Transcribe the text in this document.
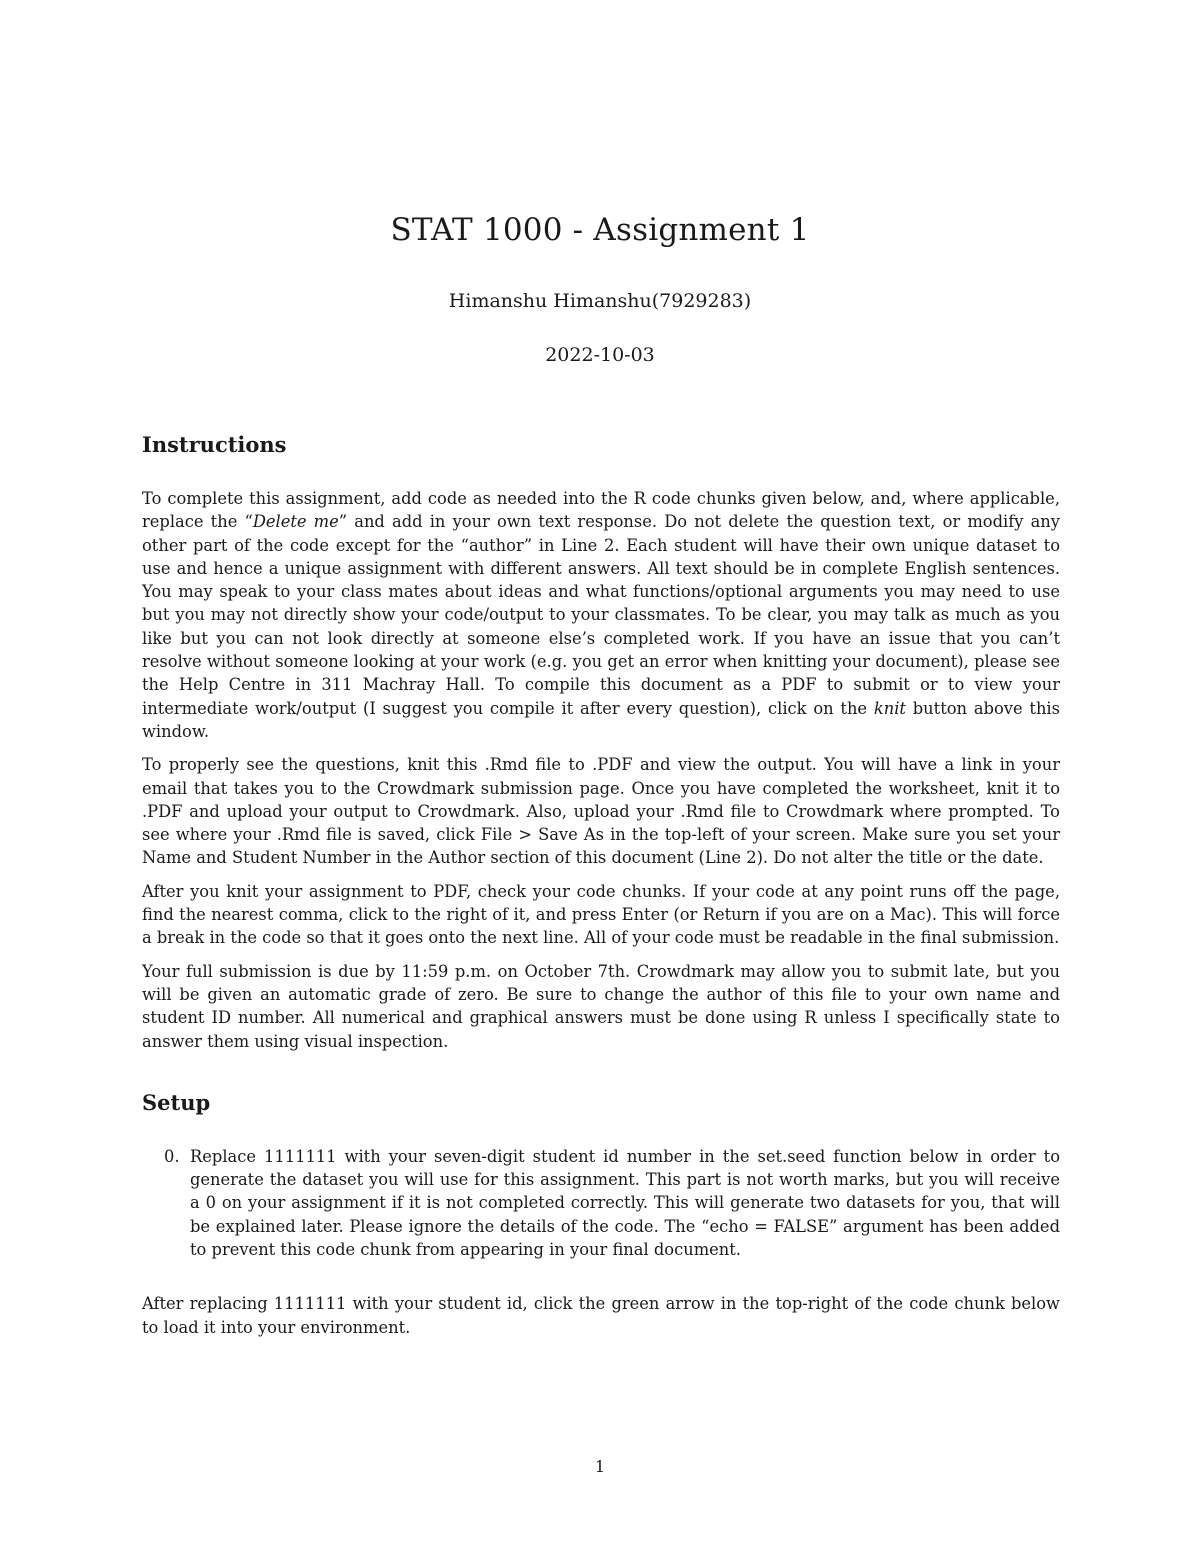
STAT 1000 - Assignment 1
Himanshu Himanshu(7929283)
2022-10-03
Instructions

To complete this assignment, add code as needed into the R code chunks given below, and, where applicable, replace the “Delete me” and add in your own text response. Do not delete the question text, or modify any other part of the code except for the “author” in Line 2. Each student will have their own unique dataset to use and hence a unique assignment with different answers. All text should be in complete English sentences. You may speak to your class mates about ideas and what functions/optional arguments you may need to use but you may not directly show your code/output to your classmates. To be clear, you may talk as much as you like but you can not look directly at someone else’s completed work. If you have an issue that you can’t resolve without someone looking at your work (e.g. you get an error when knitting your document), please see the Help Centre in 311 Machray Hall. To compile this document as a PDF to submit or to view your intermediate work/output (I suggest you compile it after every question), click on the knit button above this window.

To properly see the questions, knit this .Rmd file to .PDF and view the output. You will have a link in your email that takes you to the Crowdmark submission page. Once you have completed the worksheet, knit it to .PDF and upload your output to Crowdmark. Also, upload your .Rmd file to Crowdmark where prompted. To see where your .Rmd file is saved, click File > Save As in the top-left of your screen. Make sure you set your Name and Student Number in the Author section of this document (Line 2). Do not alter the title or the date.

After you knit your assignment to PDF, check your code chunks. If your code at any point runs off the page, find the nearest comma, click to the right of it, and press Enter (or Return if you are on a Mac). This will force a break in the code so that it goes onto the next line. All of your code must be readable in the final submission.

Your full submission is due by 11:59 p.m. on October 7th. Crowdmark may allow you to submit late, but you will be given an automatic grade of zero. Be sure to change the author of this file to your own name and student ID number. All numerical and graphical answers must be done using R unless I specifically state to answer them using visual inspection.

Setup
0. Replace 1111111 with your seven-digit student id number in the set.seed function below in order to generate the dataset you will use for this assignment. This part is not worth marks, but you will receive a 0 on your assignment if it is not completed correctly. This will generate two datasets for you, that will be explained later. Please ignore the details of the code. The “echo = FALSE” argument has been added to prevent this code chunk from appearing in your final document.

After replacing 1111111 with your student id, click the green arrow in the top-right of the code chunk below to load it into your environment.

1
